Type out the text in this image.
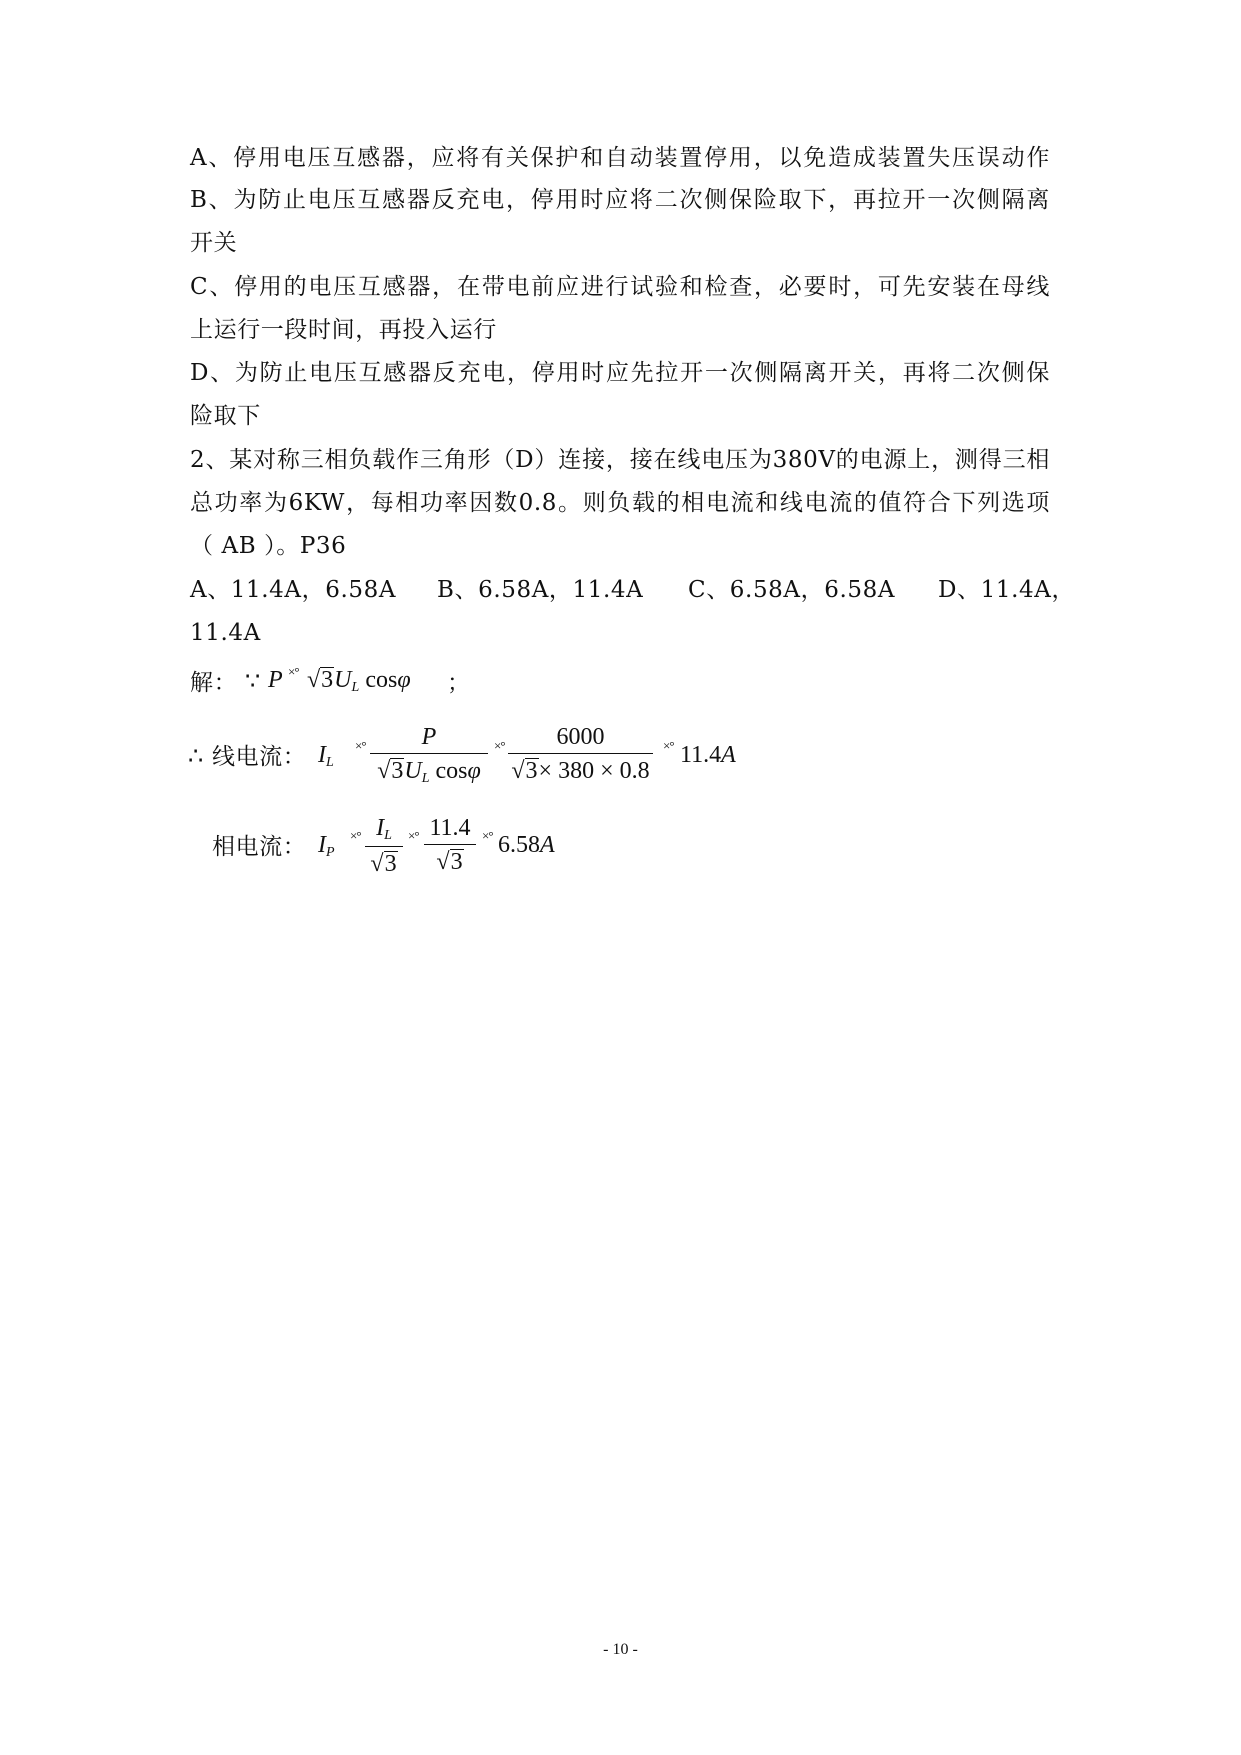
A、停用电压互感器，应将有关保护和自动装置停用，以免造成装置失压误动作
B、为防止电压互感器反充电，停用时应将二次侧保险取下，再拉开一次侧隔离
开关
C、停用的电压互感器，在带电前应进行试验和检查，必要时，可先安装在母线
上运行一段时间，再投入运行
D、为防止电压互感器反充电，停用时应先拉开一次侧隔离开关，再将二次侧保
险取下
2、某对称三相负载作三角形（D）连接，接在线电压为380V的电源上，测得三相
总功率为6KW，每相功率因数0.8。则负载的相电流和线电流的值符合下列选项
（ AB ）。P36
A、11.4A，6.58A B、6.58A，11.4A C、6.58A，6.58A D、11.4A，
11.4A
解： ∵ P ×° $√3U_L$ cosφ ；
∴ 线电流： $I_L$
×°	P
$√3U_L$ cosφ
×°	6000
√3× 380 × 0.8
×° 11.4A
相电流： $I_P$
×° $I_L$
√3
×° 11.4
√3
×° 6.58A
- 10 -
